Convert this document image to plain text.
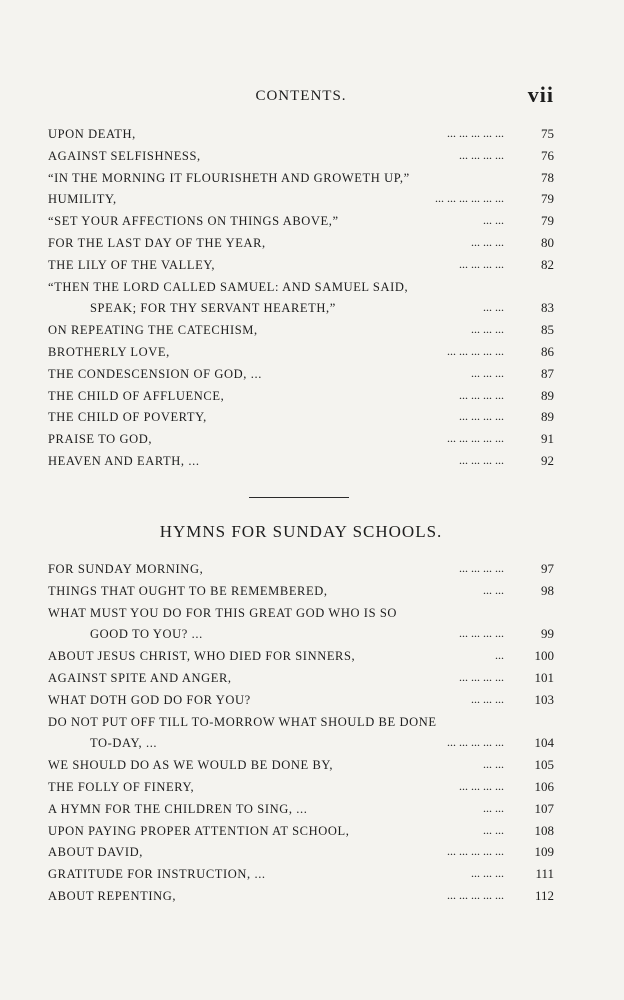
CONTENTS.	vii
UPON DEATH,	... ... ... ... ...	75
AGAINST SELFISHNESS,	... ... ... ...	76
“IN THE MORNING IT FLOURISHETH AND GROWETH UP,”	78
HUMILITY,	... ... ... ... ... ...	79
“SET YOUR AFFECTIONS ON THINGS ABOVE,”	... ...	79
FOR THE LAST DAY OF THE YEAR,	... ... ...	80
THE LILY OF THE VALLEY,	... ... ... ...	82
“THEN THE LORD CALLED SAMUEL: AND SAMUEL SAID,
SPEAK; FOR THY SERVANT HEARETH,”	... ...	83
ON REPEATING THE CATECHISM,	... ... ...	85
BROTHERLY LOVE,	... ... ... ... ...	86
THE CONDESCENSION OF GOD, ...	... ... ...	87
THE CHILD OF AFFLUENCE,	... ... ... ...	89
THE CHILD OF POVERTY,	... ... ... ...	89
PRAISE TO GOD,	... ... ... ... ...	91
HEAVEN AND EARTH, ...	... ... ... ...	92
HYMNS FOR SUNDAY SCHOOLS.
FOR SUNDAY MORNING,	... ... ... ...	97
THINGS THAT OUGHT TO BE REMEMBERED,	... ...	98
WHAT MUST YOU DO FOR THIS GREAT GOD WHO IS SO
GOOD TO YOU? ...	... ... ... ...	99
ABOUT JESUS CHRIST, WHO DIED FOR SINNERS,	...	100
AGAINST SPITE AND ANGER,	... ... ... ...	101
WHAT DOTH GOD DO FOR YOU?	... ... ...	103
DO NOT PUT OFF TILL TO-MORROW WHAT SHOULD BE DONE
TO-DAY, ...	... ... ... ... ...	104
WE SHOULD DO AS WE WOULD BE DONE BY,	... ...	105
THE FOLLY OF FINERY,	... ... ... ...	106
A HYMN FOR THE CHILDREN TO SING, ...	... ...	107
UPON PAYING PROPER ATTENTION AT SCHOOL,	... ...	108
ABOUT DAVID,	... ... ... ... ...	109
GRATITUDE FOR INSTRUCTION, ...	... ... ...	111
ABOUT REPENTING,	... ... ... ... ...	112
